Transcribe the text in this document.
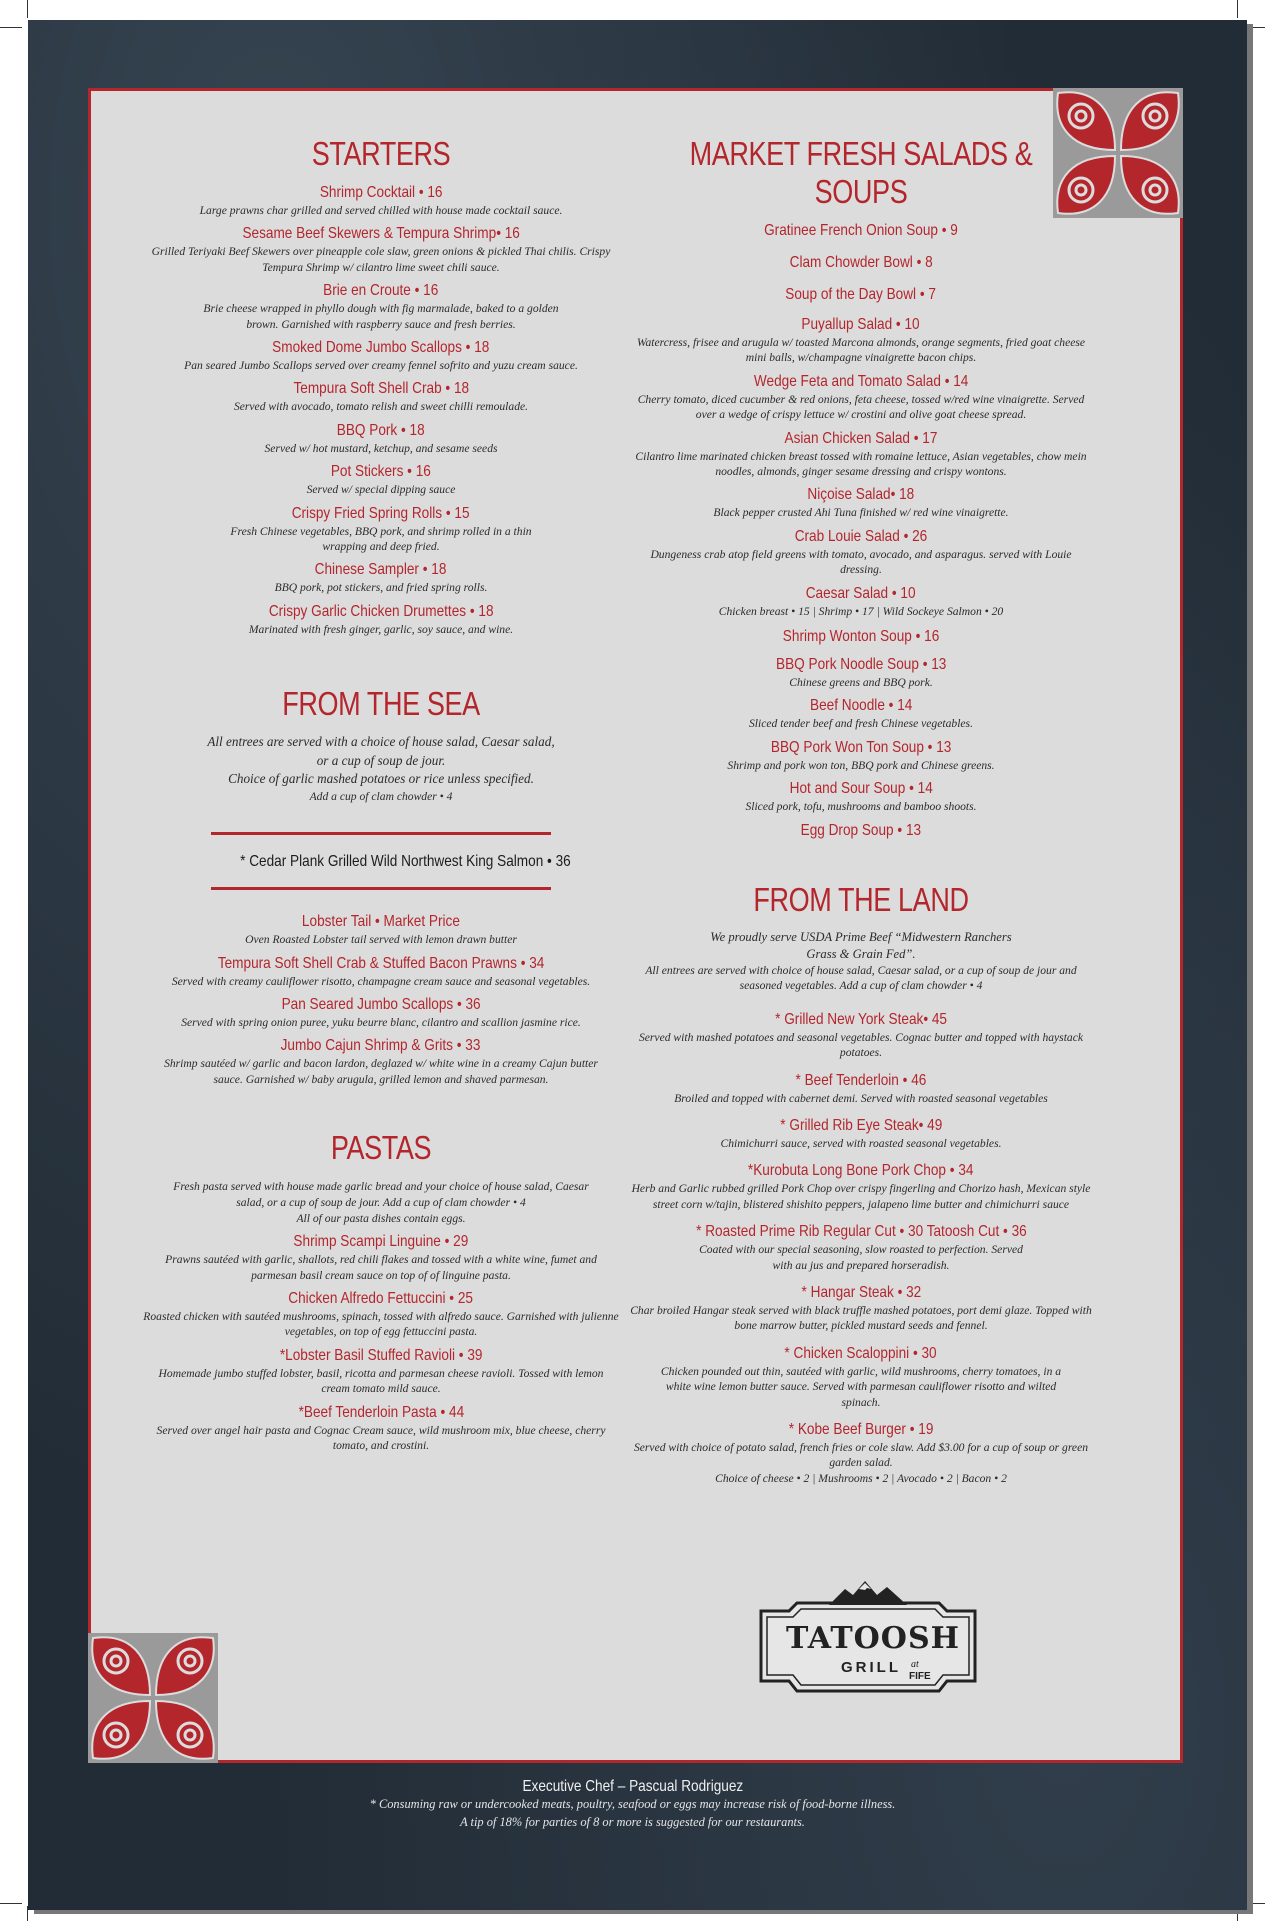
STARTERS
Shrimp Cocktail • 16
Large prawns char grilled and served chilled with house made cocktail sauce.
Sesame Beef Skewers & Tempura Shrimp• 16
Grilled Teriyaki Beef Skewers over pineapple cole slaw, green onions & pickled Thai chilis. Crispy Tempura Shrimp w/ cilantro lime sweet chili sauce.
Brie en Croute • 16
Brie cheese wrapped in phyllo dough with fig marmalade, baked to a golden brown. Garnished with raspberry sauce and fresh berries.
Smoked Dome Jumbo Scallops • 18
Pan seared Jumbo Scallops served over creamy fennel sofrito and yuzu cream sauce.
Tempura Soft Shell Crab • 18
Served with avocado, tomato relish and sweet chilli remoulade.
BBQ Pork • 18
Served w/ hot mustard, ketchup, and sesame seeds
Pot Stickers • 16
Served w/ special dipping sauce
Crispy Fried Spring Rolls • 15
Fresh Chinese vegetables, BBQ pork, and shrimp rolled in a thin wrapping and deep fried.
Chinese Sampler • 18
BBQ pork, pot stickers, and fried spring rolls.
Crispy Garlic Chicken Drumettes • 18
Marinated with fresh ginger, garlic, soy sauce, and wine.
FROM THE SEA
All entrees are served with a choice of house salad, Caesar salad,
or a cup of soup de jour.
Choice of garlic mashed potatoes or rice unless specified.
Add a cup of clam chowder • 4
* Cedar Plank Grilled Wild Northwest King Salmon • 36
Lobster Tail • Market Price
Oven Roasted Lobster tail served with lemon drawn butter
Tempura Soft Shell Crab & Stuffed Bacon Prawns • 34
Served with creamy cauliflower risotto, champagne cream sauce and seasonal vegetables.
Pan Seared Jumbo Scallops • 36
Served with spring onion puree, yuku beurre blanc, cilantro and scallion jasmine rice.
Jumbo Cajun Shrimp & Grits • 33
Shrimp sautéed w/ garlic and bacon lardon, deglazed w/ white wine in a creamy Cajun butter sauce. Garnished w/ baby arugula, grilled lemon and shaved parmesan.
PASTAS
Fresh pasta served with house made garlic bread and your choice of house salad, Caesar salad, or a cup of soup de jour. Add a cup of clam chowder • 4
All of our pasta dishes contain eggs.
Shrimp Scampi Linguine • 29
Prawns sautéed with garlic, shallots, red chili flakes and tossed with a white wine, fumet and parmesan basil cream sauce on top of of linguine pasta.
Chicken Alfredo Fettuccini • 25
Roasted chicken with sautéed mushrooms, spinach, tossed with alfredo sauce. Garnished with julienne vegetables, on top of egg fettuccini pasta.
*Lobster Basil Stuffed Ravioli • 39
Homemade jumbo stuffed lobster, basil, ricotta and parmesan cheese ravioli. Tossed with lemon cream tomato mild sauce.
*Beef Tenderloin Pasta • 44
Served over angel hair pasta and Cognac Cream sauce, wild mushroom mix, blue cheese, cherry tomato, and crostini.
MARKET FRESH SALADS & SOUPS
Gratinee French Onion Soup • 9
Clam Chowder Bowl • 8
Soup of the Day Bowl • 7
Puyallup Salad • 10
Watercress, frisee and arugula w/ toasted Marcona almonds, orange segments, fried goat cheese mini balls, w/champagne vinaigrette bacon chips.
Wedge Feta and Tomato Salad • 14
Cherry tomato, diced cucumber & red onions, feta cheese, tossed w/red wine vinaigrette. Served over a wedge of crispy lettuce w/ crostini and olive goat cheese spread.
Asian Chicken Salad • 17
Cilantro lime marinated chicken breast tossed with romaine lettuce, Asian vegetables, chow mein noodles, almonds, ginger sesame dressing and crispy wontons.
Niçoise Salad• 18
Black pepper crusted Ahi Tuna finished w/ red wine vinaigrette.
Crab Louie Salad • 26
Dungeness crab atop field greens with tomato, avocado, and asparagus. served with Louie dressing.
Caesar Salad • 10
Chicken breast • 15 | Shrimp • 17 | Wild Sockeye Salmon • 20
Shrimp Wonton Soup • 16
BBQ Pork Noodle Soup • 13
Chinese greens and BBQ pork.
Beef Noodle • 14
Sliced tender beef and fresh Chinese vegetables.
BBQ Pork Won Ton Soup • 13
Shrimp and pork won ton, BBQ pork and Chinese greens.
Hot and Sour Soup • 14
Sliced pork, tofu, mushrooms and bamboo shoots.
Egg Drop Soup • 13
FROM THE LAND
We proudly serve USDA Prime Beef “Midwestern Ranchers
Grass & Grain Fed”.
All entrees are served with choice of house salad, Caesar salad, or a cup of soup de jour and seasoned vegetables. Add a cup of clam chowder • 4
* Grilled New York Steak• 45
Served with mashed potatoes and seasonal vegetables. Cognac butter and topped with haystack potatoes.
* Beef Tenderloin • 46
Broiled and topped with cabernet demi. Served with roasted seasonal vegetables
* Grilled Rib Eye Steak• 49
Chimichurri sauce, served with roasted seasonal vegetables.
*Kurobuta Long Bone Pork Chop • 34
Herb and Garlic rubbed grilled Pork Chop over crispy fingerling and Chorizo hash, Mexican style street corn w/tajin, blistered shishito peppers, jalapeno lime butter and chimichurri sauce
* Roasted Prime Rib Regular Cut • 30 Tatoosh Cut • 36
Coated with our special seasoning, slow roasted to perfection. Served with au jus and prepared horseradish.
* Hangar Steak • 32
Char broiled Hangar steak served with black truffle mashed potatoes, port demi glaze. Topped with bone marrow butter, pickled mustard seeds and fennel.
* Chicken Scaloppini • 30
Chicken pounded out thin, sautéed with garlic, wild mushrooms, cherry tomatoes, in a white wine lemon butter sauce. Served with parmesan cauliflower risotto and wilted spinach.
* Kobe Beef Burger • 19
Served with choice of potato salad, french fries or cole slaw. Add $3.00 for a cup of soup or green garden salad.
Choice of cheese • 2 | Mushrooms • 2 | Avocado • 2 | Bacon • 2
TATOOSH
GRILL	at
FIFE
Executive Chef – Pascual Rodriguez
* Consuming raw or undercooked meats, poultry, seafood or eggs may increase risk of food-borne illness.
A tip of 18% for parties of 8 or more is suggested for our restaurants.
